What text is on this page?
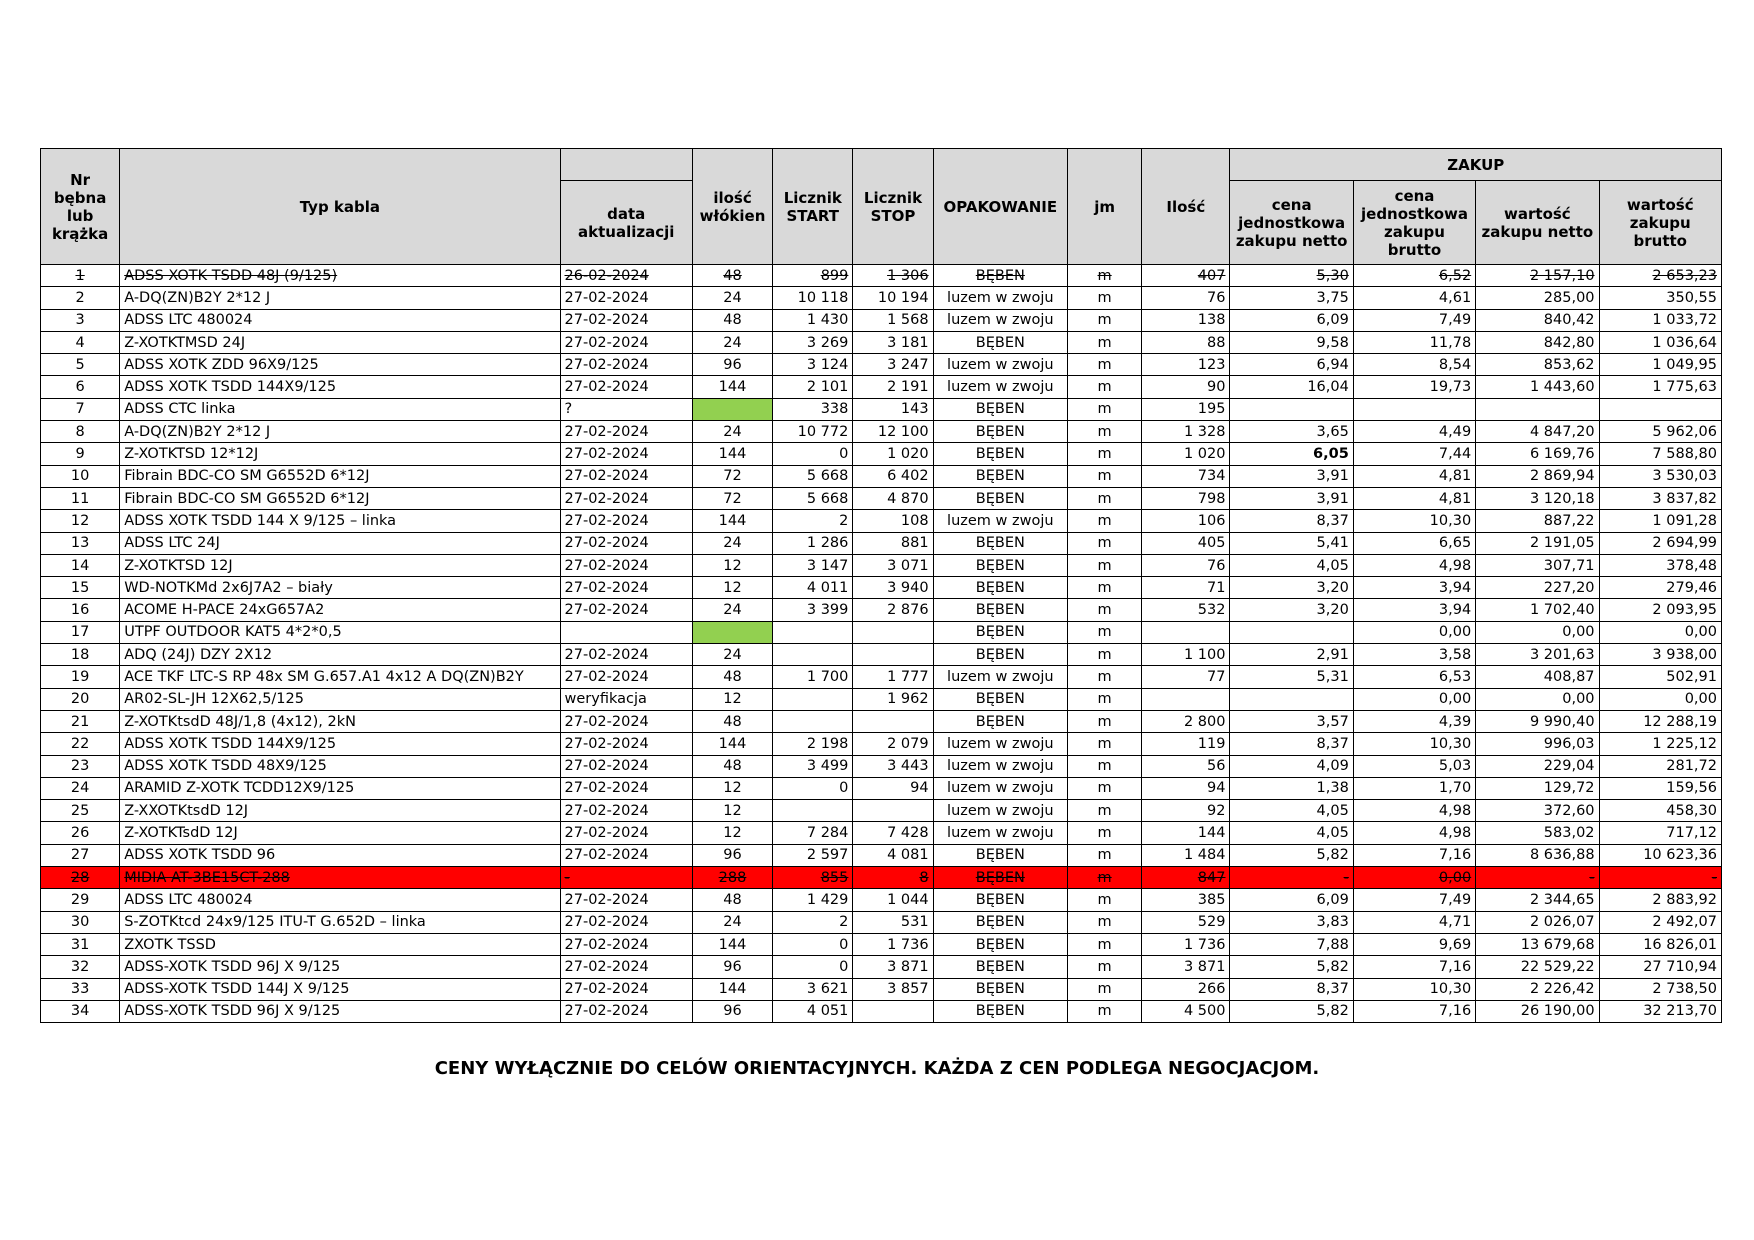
Nr bębna lub krążka	Typ kabla		ilość włókien	Licznik START	Licznik STOP	OPAKOWANIE	jm	Ilość	ZAKUP			
		data aktualizacji							cena jednostkowa zakupu netto	cena jednostkowa zakupu brutto	wartość zakupu netto	wartość zakupu brutto
1	ADSS XOTK TSDD 48J (9/125)	26-02-2024	48	899	1 306	BĘBEN	m	407	5,30	6,52	2 157,10	2 653,23
2	A-DQ(ZN)B2Y 2*12 J	27-02-2024	24	10 118	10 194	luzem w zwoju	m	76	3,75	4,61	285,00	350,55
3	ADSS LTC 480024	27-02-2024	48	1 430	1 568	luzem w zwoju	m	138	6,09	7,49	840,42	1 033,72
4	Z-XOTKTMSD 24J	27-02-2024	24	3 269	3 181	BĘBEN	m	88	9,58	11,78	842,80	1 036,64
5	ADSS XOTK ZDD 96X9/125	27-02-2024	96	3 124	3 247	luzem w zwoju	m	123	6,94	8,54	853,62	1 049,95
6	ADSS XOTK TSDD 144X9/125	27-02-2024	144	2 101	2 191	luzem w zwoju	m	90	16,04	19,73	1 443,60	1 775,63
7	ADSS CTC linka	?		338	143	BĘBEN	m	195				
8	A-DQ(ZN)B2Y 2*12 J	27-02-2024	24	10 772	12 100	BĘBEN	m	1 328	3,65	4,49	4 847,20	5 962,06
9	Z-XOTKTSD 12*12J	27-02-2024	144	0	1 020	BĘBEN	m	1 020	6,05	7,44	6 169,76	7 588,80
10	Fibrain BDC-CO SM G6552D 6*12J	27-02-2024	72	5 668	6 402	BĘBEN	m	734	3,91	4,81	2 869,94	3 530,03
11	Fibrain BDC-CO SM G6552D 6*12J	27-02-2024	72	5 668	4 870	BĘBEN	m	798	3,91	4,81	3 120,18	3 837,82
12	ADSS XOTK TSDD 144 X 9/125 – linka	27-02-2024	144	2	108	luzem w zwoju	m	106	8,37	10,30	887,22	1 091,28
13	ADSS LTC 24J	27-02-2024	24	1 286	881	BĘBEN	m	405	5,41	6,65	2 191,05	2 694,99
14	Z-XOTKTSD 12J	27-02-2024	12	3 147	3 071	BĘBEN	m	76	4,05	4,98	307,71	378,48
15	WD-NOTKMd 2x6J7A2 – biały	27-02-2024	12	4 011	3 940	BĘBEN	m	71	3,20	3,94	227,20	279,46
16	ACOME H-PACE 24xG657A2	27-02-2024	24	3 399	2 876	BĘBEN	m	532	3,20	3,94	1 702,40	2 093,95
17	UTPF OUTDOOR KAT5 4*2*0,5					BĘBEN	m			0,00	0,00	0,00
18	ADQ (24J) DZY 2X12	27-02-2024	24			BĘBEN	m	1 100	2,91	3,58	3 201,63	3 938,00
19	ACE TKF LTC-S RP 48x SM G.657.A1 4x12 A DQ(ZN)B2Y	27-02-2024	48	1 700	1 777	luzem w zwoju	m	77	5,31	6,53	408,87	502,91
20	AR02-SL-JH 12X62,5/125	weryfikacja	12		1 962	BĘBEN	m			0,00	0,00	0,00
21	Z-XOTKtsdD 48J/1,8 (4x12), 2kN	27-02-2024	48			BĘBEN	m	2 800	3,57	4,39	9 990,40	12 288,19
22	ADSS XOTK TSDD 144X9/125	27-02-2024	144	2 198	2 079	luzem w zwoju	m	119	8,37	10,30	996,03	1 225,12
23	ADSS XOTK TSDD 48X9/125	27-02-2024	48	3 499	3 443	luzem w zwoju	m	56	4,09	5,03	229,04	281,72
24	ARAMID Z-XOTK TCDD12X9/125	27-02-2024	12	0	94	luzem w zwoju	m	94	1,38	1,70	129,72	159,56
25	Z-XXOTKtsdD 12J	27-02-2024	12			luzem w zwoju	m	92	4,05	4,98	372,60	458,30
26	Z-XOTKTsdD 12J	27-02-2024	12	7 284	7 428	luzem w zwoju	m	144	4,05	4,98	583,02	717,12
27	ADSS XOTK TSDD 96	27-02-2024	96	2 597	4 081	BĘBEN	m	1 484	5,82	7,16	8 636,88	10 623,36
28	MIDIA AT-3BE15CT-288	-	288	855	8	BĘBEN	m	847	-	0,00	-	-
29	ADSS LTC 480024	27-02-2024	48	1 429	1 044	BĘBEN	m	385	6,09	7,49	2 344,65	2 883,92
30	S-ZOTKtcd 24x9/125 ITU-T G.652D – linka	27-02-2024	24	2	531	BĘBEN	m	529	3,83	4,71	2 026,07	2 492,07
31	ZXOTK TSSD	27-02-2024	144	0	1 736	BĘBEN	m	1 736	7,88	9,69	13 679,68	16 826,01
32	ADSS-XOTK TSDD 96J X 9/125	27-02-2024	96	0	3 871	BĘBEN	m	3 871	5,82	7,16	22 529,22	27 710,94
33	ADSS-XOTK TSDD 144J X 9/125	27-02-2024	144	3 621	3 857	BĘBEN	m	266	8,37	10,30	2 226,42	2 738,50
34	ADSS-XOTK TSDD 96J X 9/125	27-02-2024	96	4 051		BĘBEN	m	4 500	5,82	7,16	26 190,00	32 213,70
CENY WYŁĄCZNIE DO CELÓW ORIENTACYJNYCH. KAŻDA Z CEN PODLEGA NEGOCJACJOM.
